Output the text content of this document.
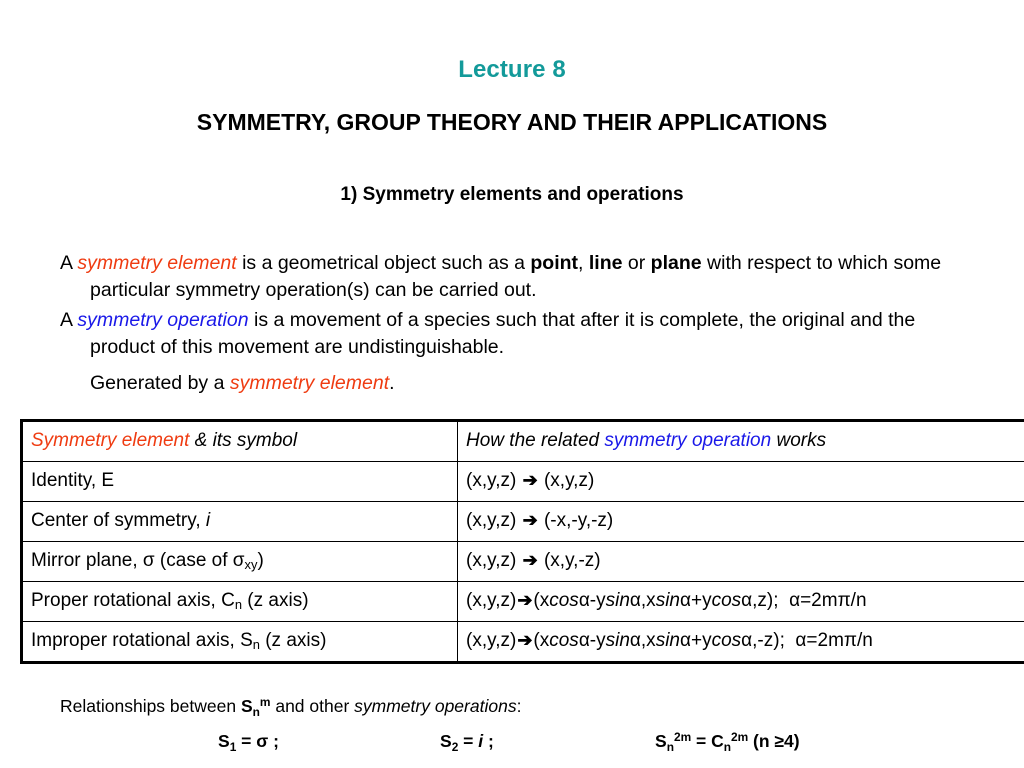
Lecture 8
SYMMETRY, GROUP THEORY AND THEIR APPLICATIONS
1) Symmetry elements and operations
A symmetry element is a geometrical object such as a point, line or plane with respect to which some particular symmetry operation(s) can be carried out.
A symmetry operation is a movement of a species such that after it is complete, the original and the product of this movement are undistinguishable.
Generated by a symmetry element.
Symmetry element & its symbol	How the related symmetry operation works
Identity, E	(x,y,z) ➔ (x,y,z)
Center of symmetry, i	(x,y,z) ➔ (-x,-y,-z)
Mirror plane, σ (case of $\sigma_{xy}$)	(x,y,z) ➔ (x,y,-z)
Proper rotational axis, $C_n$ (z axis)	(x,y,z)➔(xcosα-ysinα,xsinα+ycosα,z); α=2mπ/n
Improper rotational axis, $S_n$ (z axis)	(x,y,z)➔(xcosα-ysinα,xsinα+ycosα,-z); α=2mπ/n
Relationships between $S_n^m$ and other symmetry operations:
$S_1 = \sigma$ ;	$S_2 = i$ ;	$S_n^{2m} = C_n^{2m}$ (n ≥4)
